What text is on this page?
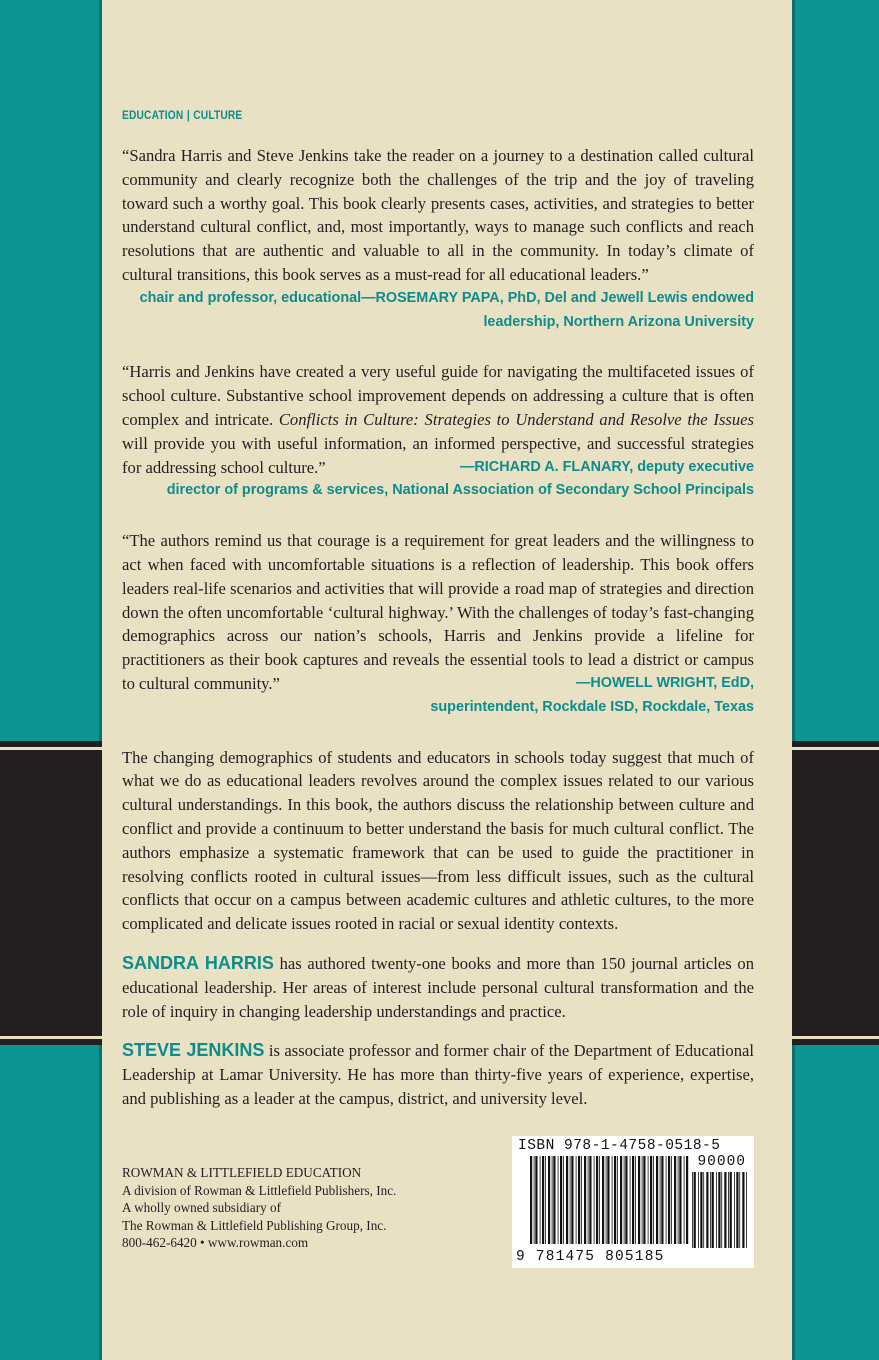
EDUCATION | CULTURE

“Sandra Harris and Steve Jenkins take the reader on a journey to a destination called cultural community and clearly recognize both the challenges of the trip and the joy of traveling toward such a worthy goal. This book clearly presents cases, activities, and strategies to better understand cultural conflict, and, most importantly, ways to manage such conflicts and reach resolutions that are authentic and valuable to all in the community. In today’s climate of cultural transitions, this book serves as a must-read for all educational leaders.”
—ROSEMARY PAPA, PhD, Del and Jewell Lewis endowed

chair and professor, educational leadership, Northern Arizona University

“Harris and Jenkins have created a very useful guide for navigating the multifaceted issues of school culture. Substantive school improvement depends on addressing a culture that is often complex and intricate. Conflicts in Culture: Strategies to Understand and Resolve the Issues will provide you with useful information, an informed perspective, and successful strategies for addressing school culture.”	—RICHARD A. FLANARY, deputy executive

director of programs & services, National Association of Secondary School Principals

“The authors remind us that courage is a requirement for great leaders and the willingness to act when faced with uncomfortable situations is a reflection of leadership. This book offers leaders real-life scenarios and activities that will provide a road map of strategies and direction down the often uncomfortable ‘cultural highway.’ With the challenges of today’s fast-changing demographics across our nation’s schools, Harris and Jenkins provide a lifeline for practitioners as their book captures and reveals the essential tools to lead a district or campus to cultural community.”	—HOWELL WRIGHT, EdD,

superintendent, Rockdale ISD, Rockdale, Texas

The changing demographics of students and educators in schools today suggest that much of what we do as educational leaders revolves around the complex issues related to our various cultural understandings. In this book, the authors discuss the relationship between culture and conflict and provide a continuum to better understand the basis for much cultural conflict. The authors emphasize a systematic framework that can be used to guide the practitioner in resolving conflicts rooted in cultural issues—from less difficult issues, such as the cultural conflicts that occur on a campus between academic cultures and athletic cultures, to the more complicated and delicate issues rooted in racial or sexual identity contexts.

SANDRA HARRIS has authored twenty-one books and more than 150 journal articles on educational leadership. Her areas of interest include personal cultural transformation and the role of inquiry in changing leadership understandings and practice.

STEVE JENKINS is associate professor and former chair of the Department of Educational Leadership at Lamar University. He has more than thirty-five years of experience, expertise, and publishing as a leader at the campus, district, and university level.

ROWMAN & LITTLEFIELD EDUCATION
A division of Rowman & Littlefield Publishers, Inc.
A wholly owned subsidiary of
The Rowman & Littlefield Publishing Group, Inc.
800-462-6420 • www.rowman.com
ISBN 978-1-4758-0518-5
90000
9 781475 805185
